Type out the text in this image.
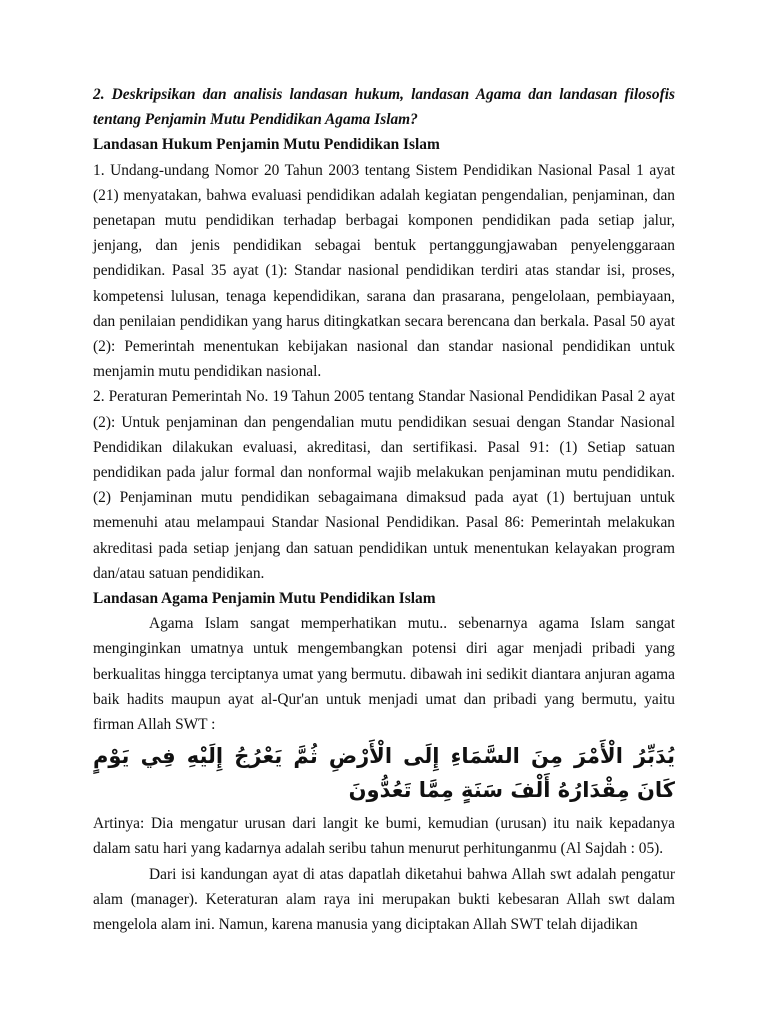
2. Deskripsikan dan analisis landasan hukum, landasan Agama dan landasan filosofis tentang Penjamin Mutu Pendidikan Agama Islam?

Landasan Hukum Penjamin Mutu Pendidikan Islam

1. Undang-undang Nomor 20 Tahun 2003 tentang Sistem Pendidikan Nasional Pasal 1 ayat (21) menyatakan, bahwa evaluasi pendidikan adalah kegiatan pengendalian, penjaminan, dan penetapan mutu pendidikan terhadap berbagai komponen pendidikan pada setiap jalur, jenjang, dan jenis pendidikan sebagai bentuk pertanggungjawaban penyelenggaraan pendidikan. Pasal 35 ayat (1): Standar nasional pendidikan terdiri atas standar isi, proses, kompetensi lulusan, tenaga kependidikan, sarana dan prasarana, pengelolaan, pembiayaan, dan penilaian pendidikan yang harus ditingkatkan secara berencana dan berkala. Pasal 50 ayat (2): Pemerintah menentukan kebijakan nasional dan standar nasional pendidikan untuk menjamin mutu pendidikan nasional.

2. Peraturan Pemerintah No. 19 Tahun 2005 tentang Standar Nasional Pendidikan Pasal 2 ayat (2): Untuk penjaminan dan pengendalian mutu pendidikan sesuai dengan Standar Nasional Pendidikan dilakukan evaluasi, akreditasi, dan sertifikasi. Pasal 91: (1) Setiap satuan pendidikan pada jalur formal dan nonformal wajib melakukan penjaminan mutu pendidikan. (2) Penjaminan mutu pendidikan sebagaimana dimaksud pada ayat (1) bertujuan untuk memenuhi atau melampaui Standar Nasional Pendidikan. Pasal 86: Pemerintah melakukan akreditasi pada setiap jenjang dan satuan pendidikan untuk menentukan kelayakan program dan/atau satuan pendidikan.

Landasan Agama Penjamin Mutu Pendidikan Islam

Agama Islam sangat memperhatikan mutu.. sebenarnya agama Islam sangat menginginkan umatnya untuk mengembangkan potensi diri agar menjadi pribadi yang berkualitas hingga terciptanya umat yang bermutu. dibawah ini sedikit diantara anjuran agama baik hadits maupun ayat al-Qur'an untuk menjadi umat dan pribadi yang bermutu, yaitu firman Allah SWT :

يُدَبِّرُ الْأَمْرَ مِنَ السَّمَاءِ إِلَى الْأَرْضِ ثُمَّ يَعْرُجُ إِلَيْهِ فِي يَوْمٍ كَانَ مِقْدَارُهُ أَلْفَ سَنَةٍ مِمَّا تَعُدُّونَ

Artinya: Dia mengatur urusan dari langit ke bumi, kemudian (urusan) itu naik kepadanya dalam satu hari yang kadarnya adalah seribu tahun menurut perhitunganmu (Al Sajdah : 05).

Dari isi kandungan ayat di atas dapatlah diketahui bahwa Allah swt adalah pengatur alam (manager). Keteraturan alam raya ini merupakan bukti kebesaran Allah swt dalam mengelola alam ini. Namun, karena manusia yang diciptakan Allah SWT telah dijadikan
